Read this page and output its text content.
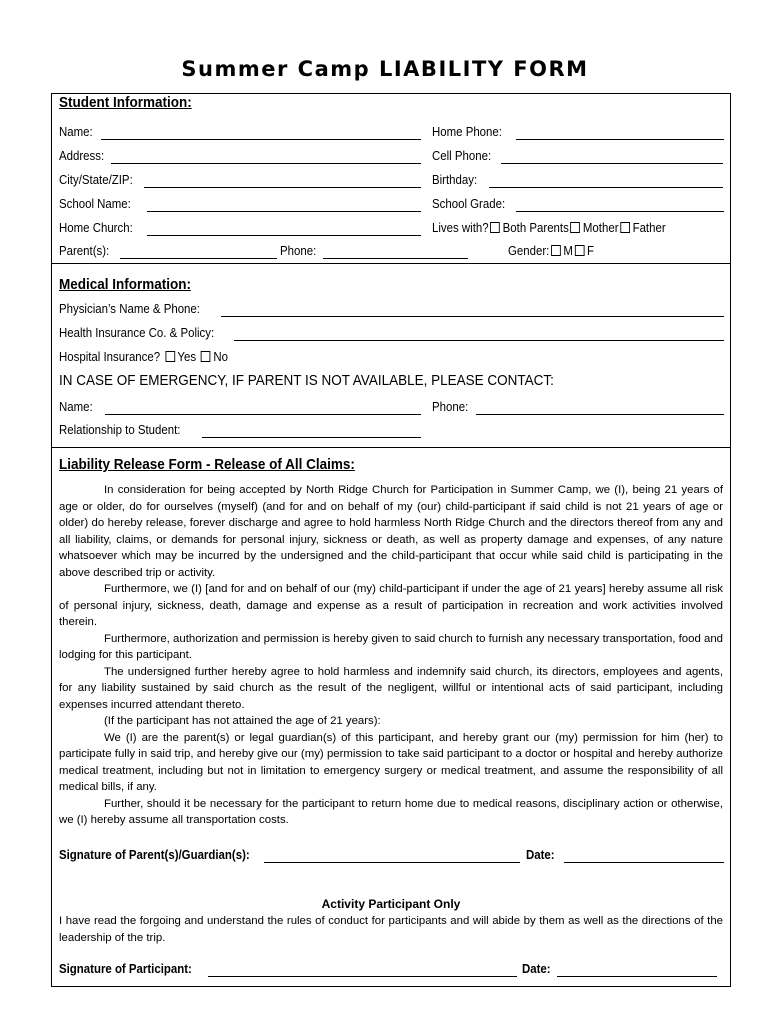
Summer Camp LIABILITY FORM
Student Information:
Name:	Home Phone:
Address:	Cell Phone:
City/State/ZIP:	Birthday:
School Name:	School Grade:
Home Church:	Lives with? Both Parents Mother Father
Parent(s):	Phone:	Gender: M F
Medical Information:
Physician’s Name & Phone:
Health Insurance Co. & Policy:
Hospital Insurance? Yes No
IN CASE OF EMERGENCY, IF PARENT IS NOT AVAILABLE, PLEASE CONTACT:
Name:	Phone:
Relationship to Student:
Liability Release Form - Release of All Claims:

In consideration for being accepted by North Ridge Church for Participation in Summer Camp, we (I), being 21 years of age or older, do for ourselves (myself) (and for and on behalf of my (our) child-participant if said child is not 21 years of age or older) do hereby release, forever discharge and agree to hold harmless North Ridge Church and the directors thereof from any and all liability, claims, or demands for personal injury, sickness or death, as well as property damage and expenses, of any nature whatsoever which may be incurred by the undersigned and the child-participant that occur while said child is participating in the above described trip or activity.

Furthermore, we (I) [and for and on behalf of our (my) child-participant if under the age of 21 years] hereby assume all risk of personal injury, sickness, death, damage and expense as a result of participation in recreation and work activities involved therein.

Furthermore, authorization and permission is hereby given to said church to furnish any necessary transportation, food and lodging for this participant.

The undersigned further hereby agree to hold harmless and indemnify said church, its directors, employees and agents, for any liability sustained by said church as the result of the negligent, willful or intentional acts of said participant, including expenses incurred attendant thereto.

(If the participant has not attained the age of 21 years):

We (I) are the parent(s) or legal guardian(s) of this participant, and hereby grant our (my) permission for him (her) to participate fully in said trip, and hereby give our (my) permission to take said participant to a doctor or hospital and hereby authorize medical treatment, including but not in limitation to emergency surgery or medical treatment, and assume the responsibility of all medical bills, if any.

Further, should it be necessary for the participant to return home due to medical reasons, disciplinary action or otherwise, we (I) hereby assume all transportation costs.

Signature of Parent(s)/Guardian(s):	Date:
Activity Participant Only
I have read the forgoing and understand the rules of conduct for participants and will abide by them as well as the directions of the leadership of the trip.
Signature of Participant:	Date:
